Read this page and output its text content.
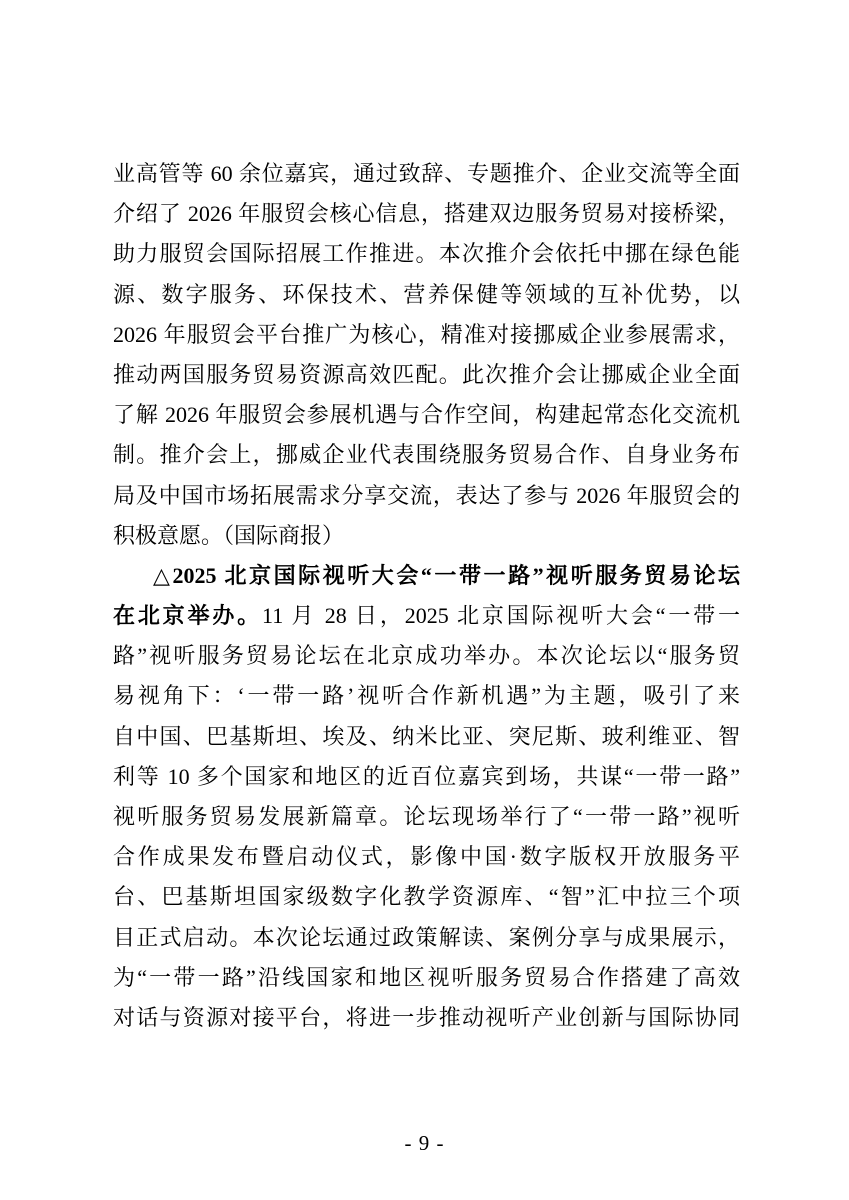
业高管等 60 余位嘉宾，通过致辞、专题推介、企业交流等全面
介绍了 2026 年服贸会核心信息，搭建双边服务贸易对接桥梁，
助力服贸会国际招展工作推进。本次推介会依托中挪在绿色能
源、数字服务、环保技术、营养保健等领域的互补优势，以
2026 年服贸会平台推广为核心，精准对接挪威企业参展需求，
推动两国服务贸易资源高效匹配。此次推介会让挪威企业全面
了解 2026 年服贸会参展机遇与合作空间，构建起常态化交流机
制。推介会上，挪威企业代表围绕服务贸易合作、自身业务布
局及中国市场拓展需求分享交流，表达了参与 2026 年服贸会的
积极意愿。（国际商报）
△2025 北京国际视听大会“一带一路”视听服务贸易论坛
在北京举办。11 月 28 日，2025 北京国际视听大会“一带一
路”视听服务贸易论坛在北京成功举办。本次论坛以“服务贸
易视角下：‘一带一路’视听合作新机遇”为主题，吸引了来
自中国、巴基斯坦、埃及、纳米比亚、突尼斯、玻利维亚、智
利等 10 多个国家和地区的近百位嘉宾到场，共谋“一带一路”
视听服务贸易发展新篇章。论坛现场举行了“一带一路”视听
合作成果发布暨启动仪式，影像中国·数字版权开放服务平
台、巴基斯坦国家级数字化教学资源库、“智”汇中拉三个项
目正式启动。本次论坛通过政策解读、案例分享与成果展示，
为“一带一路”沿线国家和地区视听服务贸易合作搭建了高效
对话与资源对接平台，将进一步推动视听产业创新与国际协同
- 9 -
